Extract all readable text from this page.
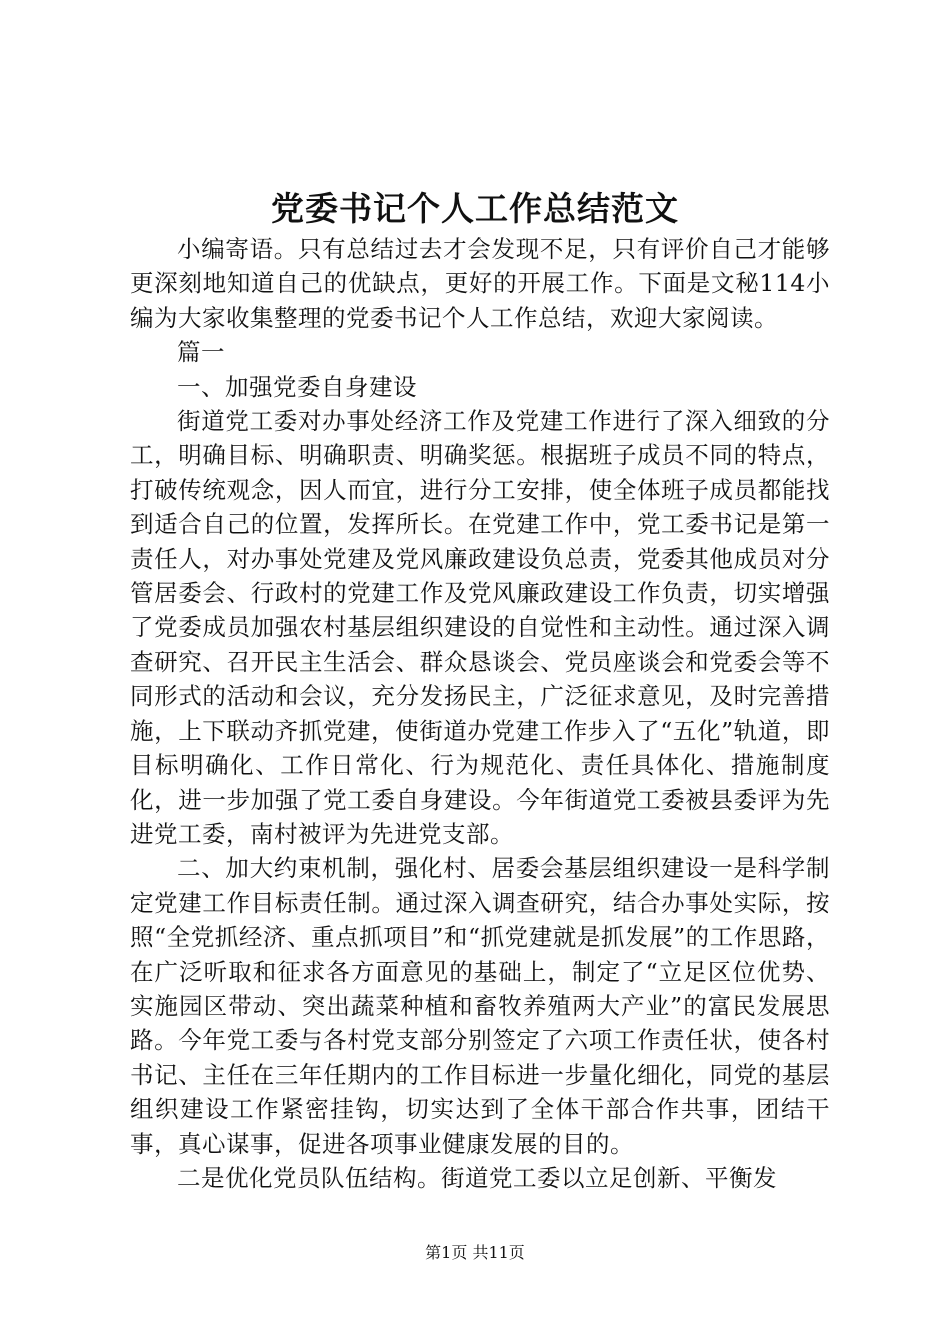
党委书记个人工作总结范文

小编寄语。只有总结过去才会发现不足，只有评价自己才能够更深刻地知道自己的优缺点，更好的开展工作。下面是文秘114小编为大家收集整理的党委书记个人工作总结，欢迎大家阅读。

篇一

一、加强党委自身建设

街道党工委对办事处经济工作及党建工作进行了深入细致的分工，明确目标、明确职责、明确奖惩。根据班子成员不同的特点，打破传统观念，因人而宜，进行分工安排，使全体班子成员都能找到适合自己的位置，发挥所长。在党建工作中，党工委书记是第一责任人，对办事处党建及党风廉政建设负总责，党委其他成员对分管居委会、行政村的党建工作及党风廉政建设工作负责，切实增强了党委成员加强农村基层组织建设的自觉性和主动性。通过深入调查研究、召开民主生活会、群众恳谈会、党员座谈会和党委会等不同形式的活动和会议，充分发扬民主，广泛征求意见，及时完善措施，上下联动齐抓党建，使街道办党建工作步入了“五化”轨道，即目标明确化、工作日常化、行为规范化、责任具体化、措施制度化，进一步加强了党工委自身建设。今年街道党工委被县委评为先进党工委，南村被评为先进党支部。

二、加大约束机制，强化村、居委会基层组织建设一是科学制定党建工作目标责任制。通过深入调查研究，结合办事处实际，按照“全党抓经济、重点抓项目”和“抓党建就是抓发展”的工作思路，在广泛听取和征求各方面意见的基础上，制定了“立足区位优势、实施园区带动、突出蔬菜种植和畜牧养殖两大产业”的富民发展思路。今年党工委与各村党支部分别签定了六项工作责任状，使各村书记、主任在三年任期内的工作目标进一步量化细化，同党的基层组织建设工作紧密挂钩，切实达到了全体干部合作共事，团结干事，真心谋事，促进各项事业健康发展的目的。

二是优化党员队伍结构。街道党工委以立足创新、平衡发

第1页 共11页
